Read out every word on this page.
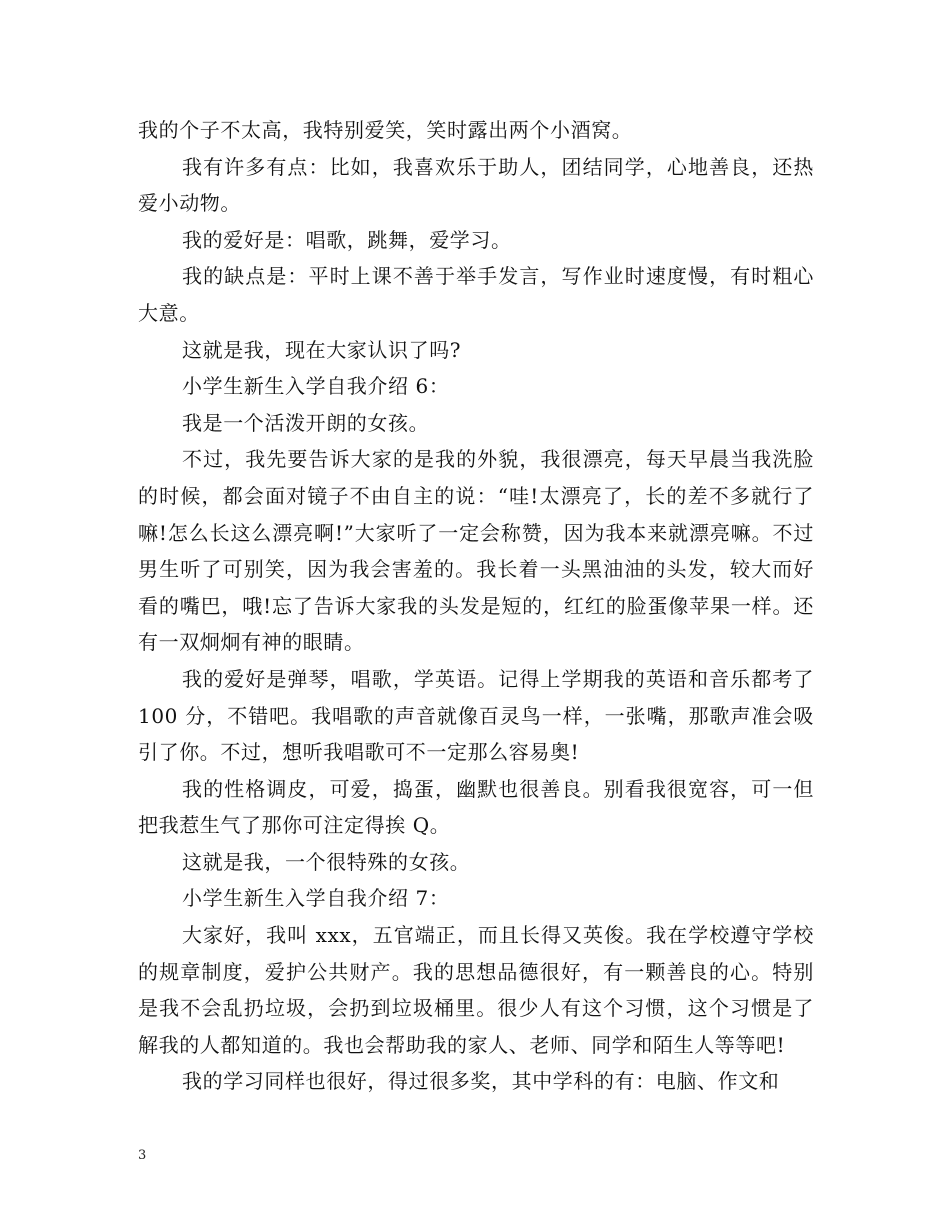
我的个子不太高，我特别爱笑，笑时露出两个小酒窝。

我有许多有点：比如，我喜欢乐于助人，团结同学，心地善良，还热爱小动物。

我的爱好是：唱歌，跳舞，爱学习。

我的缺点是：平时上课不善于举手发言，写作业时速度慢，有时粗心大意。

这就是我，现在大家认识了吗?

小学生新生入学自我介绍 6：

我是一个活泼开朗的女孩。

不过，我先要告诉大家的是我的外貌，我很漂亮，每天早晨当我洗脸的时候，都会面对镜子不由自主的说：“哇!太漂亮了，长的差不多就行了嘛!怎么长这么漂亮啊!”大家听了一定会称赞，因为我本来就漂亮嘛。不过男生听了可别笑，因为我会害羞的。我长着一头黑油油的头发，较大而好看的嘴巴，哦!忘了告诉大家我的头发是短的，红红的脸蛋像苹果一样。还有一双炯炯有神的眼睛。

我的爱好是弹琴，唱歌，学英语。记得上学期我的英语和音乐都考了 100 分，不错吧。我唱歌的声音就像百灵鸟一样，一张嘴，那歌声准会吸引了你。不过，想听我唱歌可不一定那么容易奥!

我的性格调皮，可爱，捣蛋，幽默也很善良。别看我很宽容，可一但把我惹生气了那你可注定得挨 Q。

这就是我，一个很特殊的女孩。

小学生新生入学自我介绍 7：

大家好，我叫 xxx，五官端正，而且长得又英俊。我在学校遵守学校的规章制度，爱护公共财产。我的思想品德很好，有一颗善良的心。特别是我不会乱扔垃圾，会扔到垃圾桶里。很少人有这个习惯，这个习惯是了解我的人都知道的。我也会帮助我的家人、老师、同学和陌生人等等吧!

我的学习同样也很好，得过很多奖，其中学科的有：电脑、作文和

3
